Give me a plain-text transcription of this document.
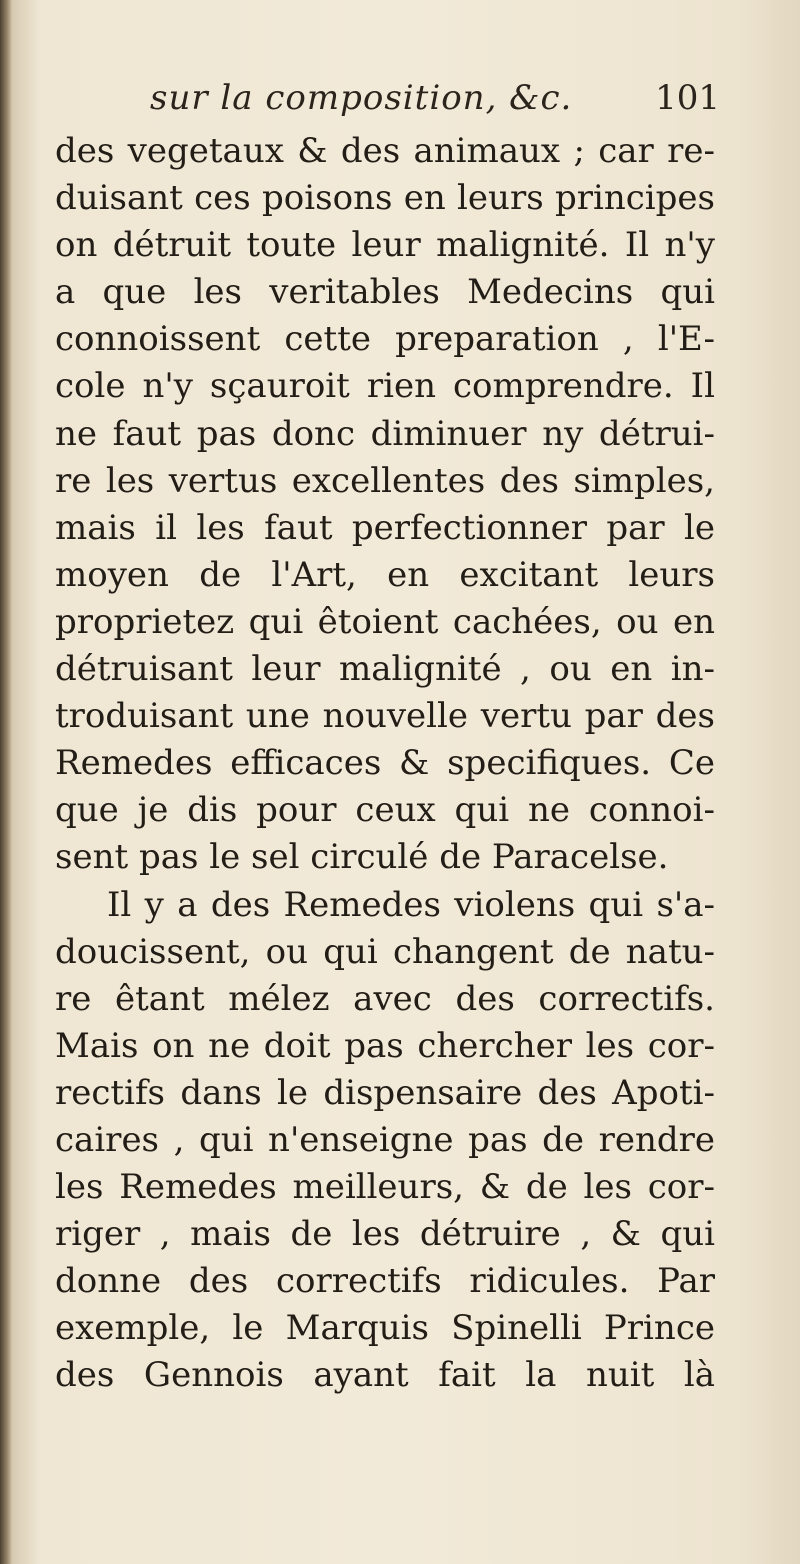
sur la composition, &c. 101
des vegetaux & des animaux ; car re-
duisant ces poisons en leurs principes
on détruit toute leur malignité. Il n'y
a que les veritables Medecins qui
connoissent cette preparation , l'E-
cole n'y sçauroit rien comprendre. Il
ne faut pas donc diminuer ny détrui-
re les vertus excellentes des simples,
mais il les faut perfectionner par le
moyen de l'Art, en excitant leurs
proprietez qui êtoient cachées, ou en
détruisant leur malignité , ou en in-
troduisant une nouvelle vertu par des
Remedes efficaces & specifiques. Ce
que je dis pour ceux qui ne connoi-
sent pas le sel circulé de Paracelse.
Il y a des Remedes violens qui s'a-
doucissent, ou qui changent de natu-
re êtant mélez avec des correctifs.
Mais on ne doit pas chercher les cor-
rectifs dans le dispensaire des Apoti-
caires , qui n'enseigne pas de rendre
les Remedes meilleurs, & de les cor-
riger , mais de les détruire , & qui
donne des correctifs ridicules. Par
exemple, le Marquis Spinelli Prince
des Gennois ayant fait la nuit là
